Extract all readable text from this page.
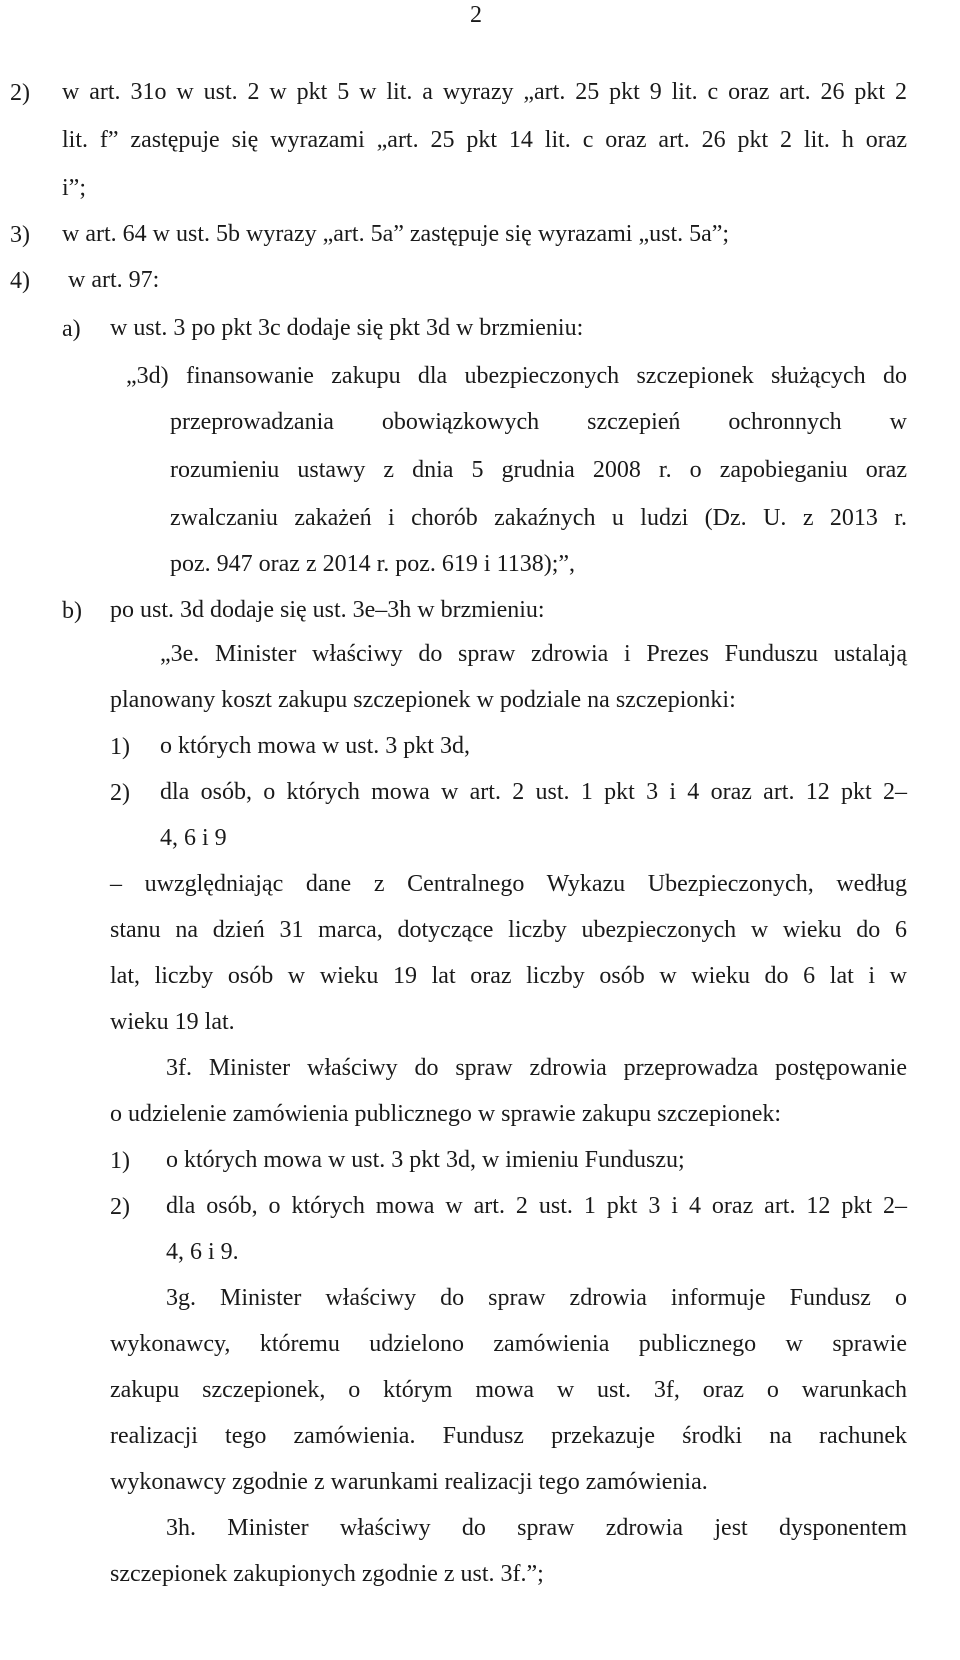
2
2) w art. 31o w ust. 2 w pkt 5 w lit. a wyrazy „art. 25 pkt 9 lit. c oraz art. 26 pkt 2
lit. f” zastępuje się wyrazami „art. 25 pkt 14 lit. c oraz art. 26 pkt 2 lit. h oraz
i”;
3) w art. 64 w ust. 5b wyrazy „art. 5a” zastępuje się wyrazami „ust. 5a”;
4) w art. 97:
a) w ust. 3 po pkt 3c dodaje się pkt 3d w brzmieniu:
„3d) finansowanie zakupu dla ubezpieczonych szczepionek służących do
przeprowadzania obowiązkowych szczepień ochronnych w
rozumieniu ustawy z dnia 5 grudnia 2008 r. o zapobieganiu oraz
zwalczaniu zakażeń i chorób zakaźnych u ludzi (Dz. U. z 2013 r.
poz. 947 oraz z 2014 r. poz. 619 i 1138);”,
b) po ust. 3d dodaje się ust. 3e–3h w brzmieniu:
„3e. Minister właściwy do spraw zdrowia i Prezes Funduszu ustalają
planowany koszt zakupu szczepionek w podziale na szczepionki:
1) o których mowa w ust. 3 pkt 3d,
2) dla osób, o których mowa w art. 2 ust. 1 pkt 3 i 4 oraz art. 12 pkt 2–
4, 6 i 9
– uwzględniając dane z Centralnego Wykazu Ubezpieczonych, według
stanu na dzień 31 marca, dotyczące liczby ubezpieczonych w wieku do 6
lat, liczby osób w wieku 19 lat oraz liczby osób w wieku do 6 lat i w
wieku 19 lat.
3f. Minister właściwy do spraw zdrowia przeprowadza postępowanie
o udzielenie zamówienia publicznego w sprawie zakupu szczepionek:
1) o których mowa w ust. 3 pkt 3d, w imieniu Funduszu;
2) dla osób, o których mowa w art. 2 ust. 1 pkt 3 i 4 oraz art. 12 pkt 2–
4, 6 i 9.
3g. Minister właściwy do spraw zdrowia informuje Fundusz o
wykonawcy, któremu udzielono zamówienia publicznego w sprawie
zakupu szczepionek, o którym mowa w ust. 3f, oraz o warunkach
realizacji tego zamówienia. Fundusz przekazuje środki na rachunek
wykonawcy zgodnie z warunkami realizacji tego zamówienia.
3h. Minister właściwy do spraw zdrowia jest dysponentem
szczepionek zakupionych zgodnie z ust. 3f.”;
